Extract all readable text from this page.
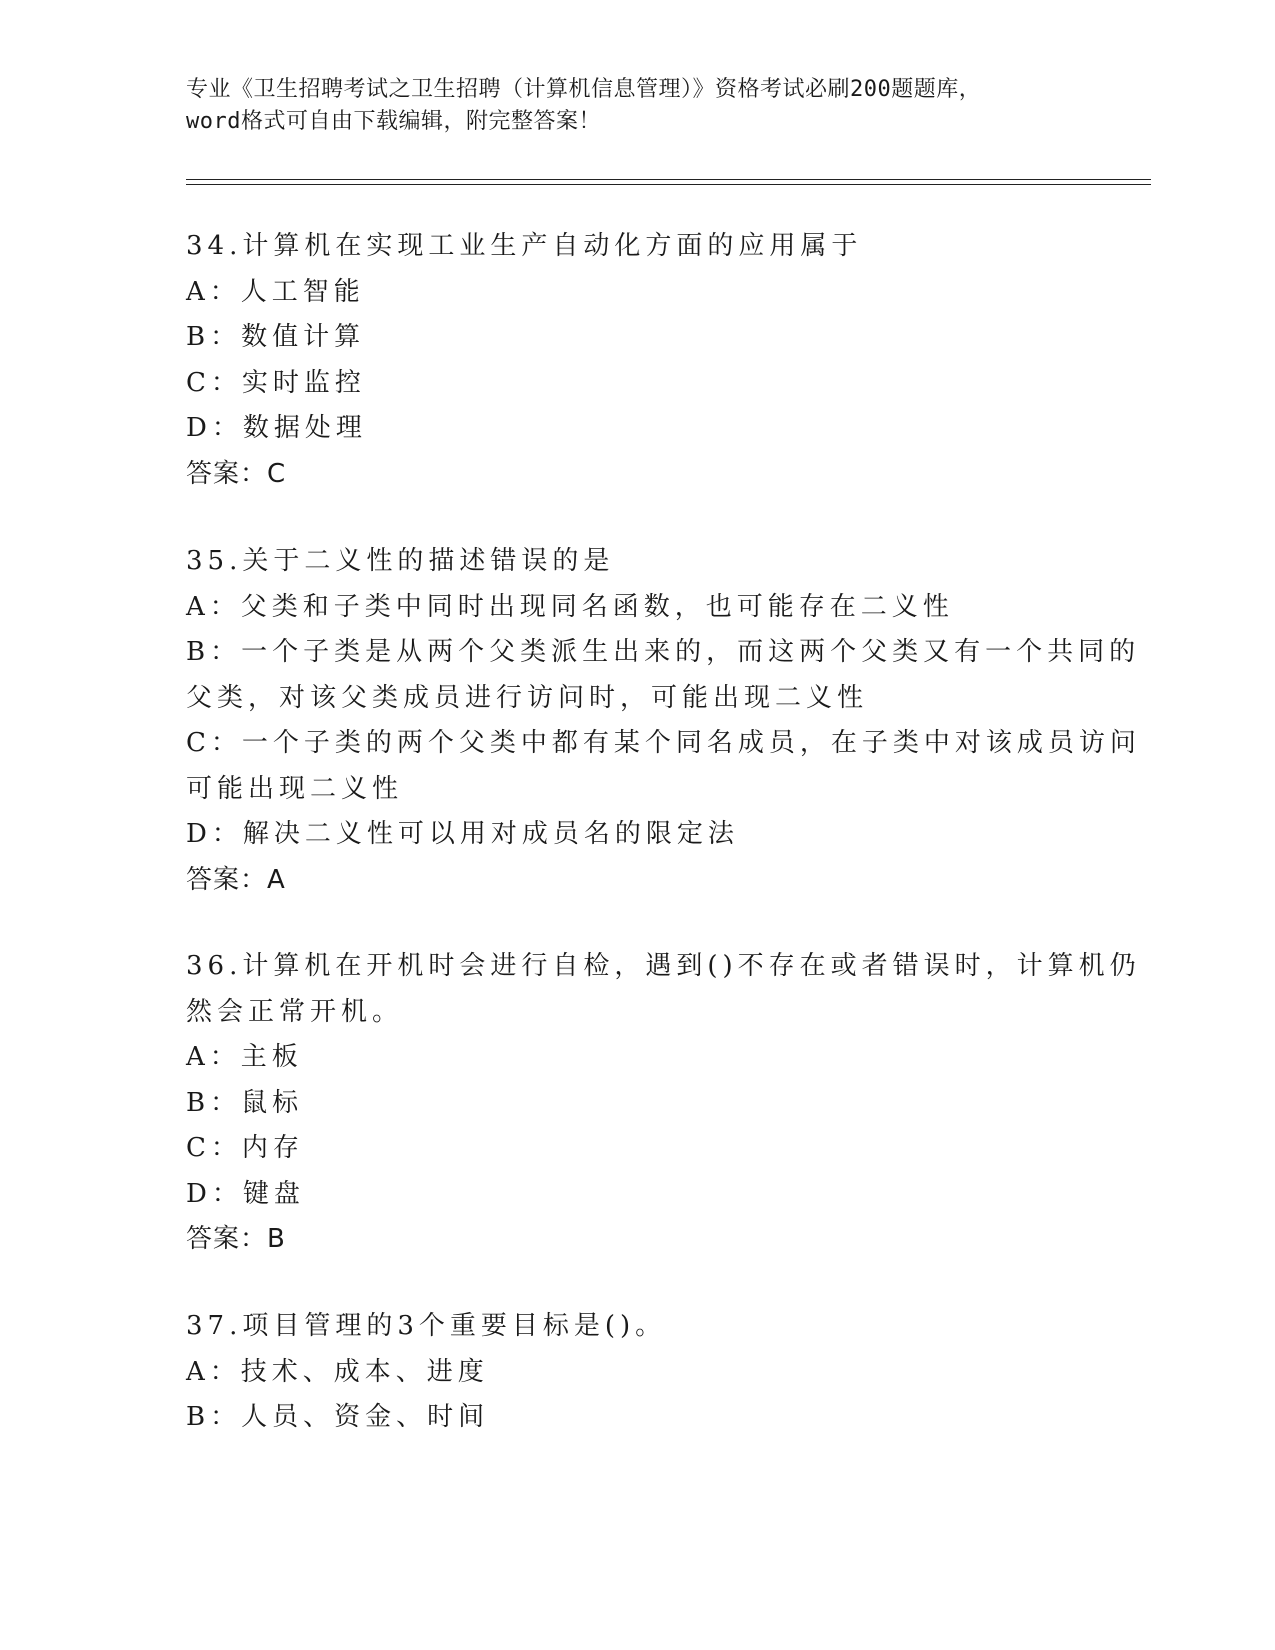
专业《卫生招聘考试之卫生招聘（计算机信息管理）》资格考试必刷200题题库，
word格式可自由下载编辑，附完整答案！
34.计算机在实现工业生产自动化方面的应用属于
A：人工智能
B：数值计算
C：实时监控
D：数据处理
答案：C
35.关于二义性的描述错误的是
A：父类和子类中同时出现同名函数，也可能存在二义性
B：一个子类是从两个父类派生出来的，而这两个父类又有一个共同的
父类，对该父类成员进行访问时，可能出现二义性
C：一个子类的两个父类中都有某个同名成员，在子类中对该成员访问
可能出现二义性
D：解决二义性可以用对成员名的限定法
答案：A
36.计算机在开机时会进行自检，遇到()不存在或者错误时，计算机仍
然会正常开机。
A：主板
B：鼠标
C：内存
D：键盘
答案：B
37.项目管理的3个重要目标是()。
A：技术、成本、进度
B：人员、资金、时间
